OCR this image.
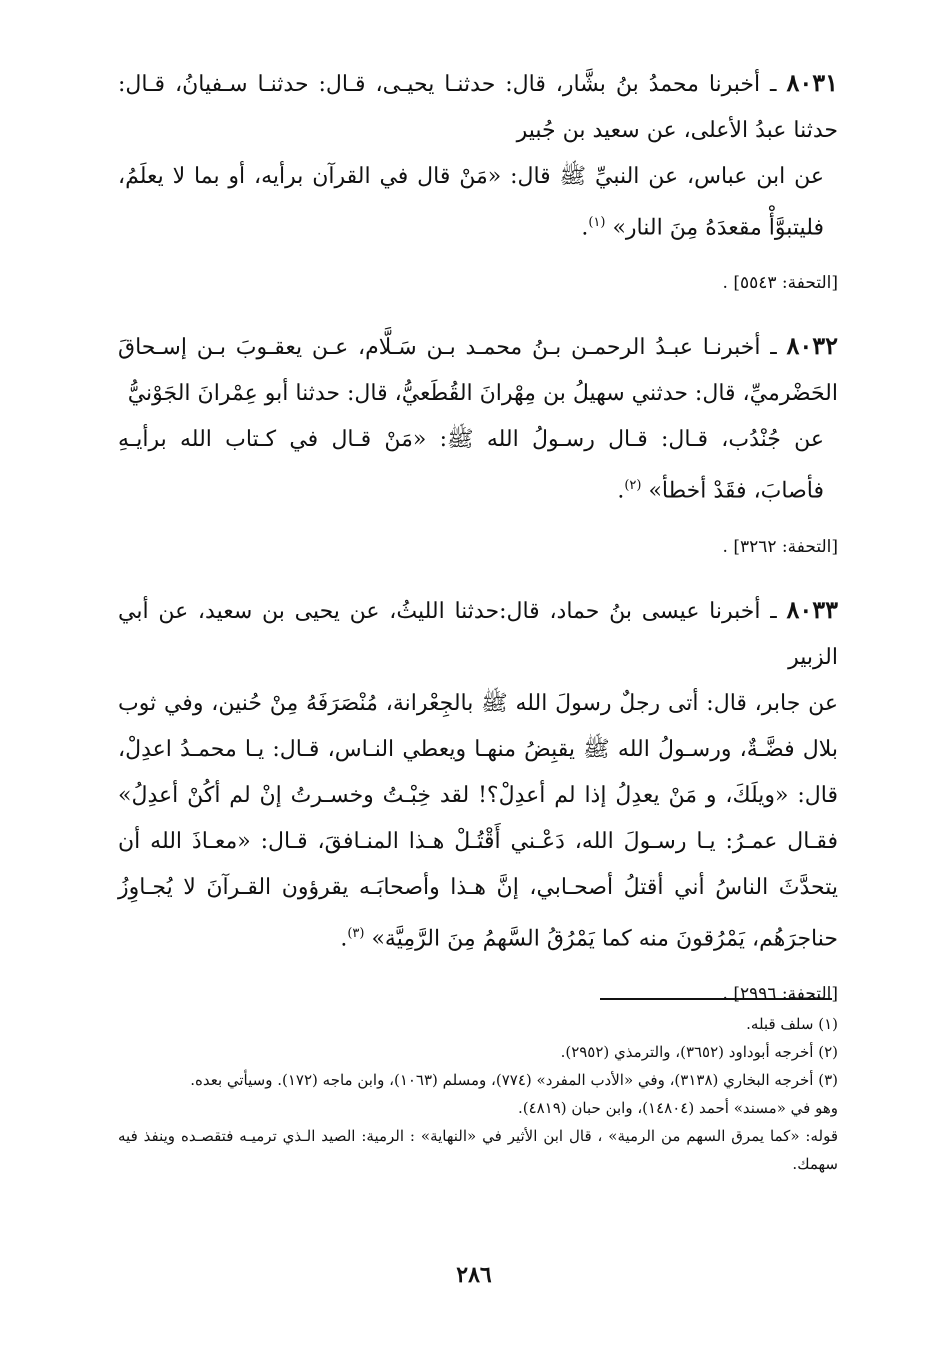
٨٠٣١ ـ أخبرنا محمدُ بنُ بشَّار، قال: حدثنـا يحيـى، قـال: حدثنـا سـفيانُ، قـال: حدثنا عبدُ الأعلى، عن سعيد بن جُبير

عن ابن عباس، عن النبيِّ ﷺ قال: «مَنْ قال في القرآن برأيه، أو بما لا يعلَمُ، فليتبوَّأْ مقعدَهُ مِنَ النار» $^{(١)}$.

[التحفة: ٥٥٤٣] .

٨٠٣٢ ـ أخبرنـا عبـدُ الرحمـن بـنُ محمـد بـن سَـلَّام، عـن يعقـوبَ بـن إسـحاقَ الحَضْرميِّ، قال: حدثني سهيلُ بن مِهْرانَ القُطَعيُّ، قال: حدثنا أبو عِمْرانَ الجَوْنيُّ

عن جُنْدُب، قـال: قـال رسـولُ الله ﷺ: «مَنْ قـال في كـتاب الله برأيـهِ فأصابَ، فقَدْ أخطأ» $^{(٢)}$.

[التحفة: ٣٢٦٢] .

٨٠٣٣ ـ أخبرنا عيسى بنُ حماد، قال:حدثنا الليثُ، عن يحيى بن سعيد، عن أبي الزبير

عن جابر، قال: أتى رجلٌ رسولَ الله ﷺ بالجِعْرانة، مُنْصَرَفَهُ مِنْ حُنين، وفي ثوب بلال فضَّـةٌ، ورسـولُ الله ﷺ يقبِضُ منهـا ويعطي النـاس، قـال: يـا محمـدُ اعدِلْ، قال: «ويلَكَ، و مَنْ يعدِلُ إذا لم أعدِلْ؟! لقد خِبْـتُ وخسـرتُ إنْ لم أكُنْ أعدِلُ» فقـال عمـرُ: يـا رسـولَ الله، دَعْـني أَقْتُـلْ هـذا المنـافقَ، قـال: «معـاذَ الله أن يتحدَّثَ الناسُ أني أقتلُ أصحـابي، إنَّ هـذا وأصحابَـه يقرؤون القـرآنَ لا يُجـاوِزُ حناجرَهُم، يَمْرُقونَ منه كما يَمْرُقُ السَّهمُ مِنَ الرَّمِيَّة» $^{(٣)}$.

[التحفة: ٢٩٩٦] .

(١) سلف قبله.

(٢) أخرجه أبوداود (٣٦٥٢)، والترمذي (٢٩٥٢).

(٣) أخرجه البخاري (٣١٣٨)، وفي «الأدب المفرد» (٧٧٤)، ومسلم (١٠٦٣)، وابن ماجه (١٧٢). وسيأتي بعده.

وهو في «مسند» أحمد (١٤٨٠٤)، وابن حبان (٤٨١٩).

قوله: «كما يمرق السهم من الرمية» ، قال ابن الأثير في «النهاية» : الرمية: الصيد الـذي ترميـه فتقصـده وينفذ فيه سهمك.

٢٨٦
